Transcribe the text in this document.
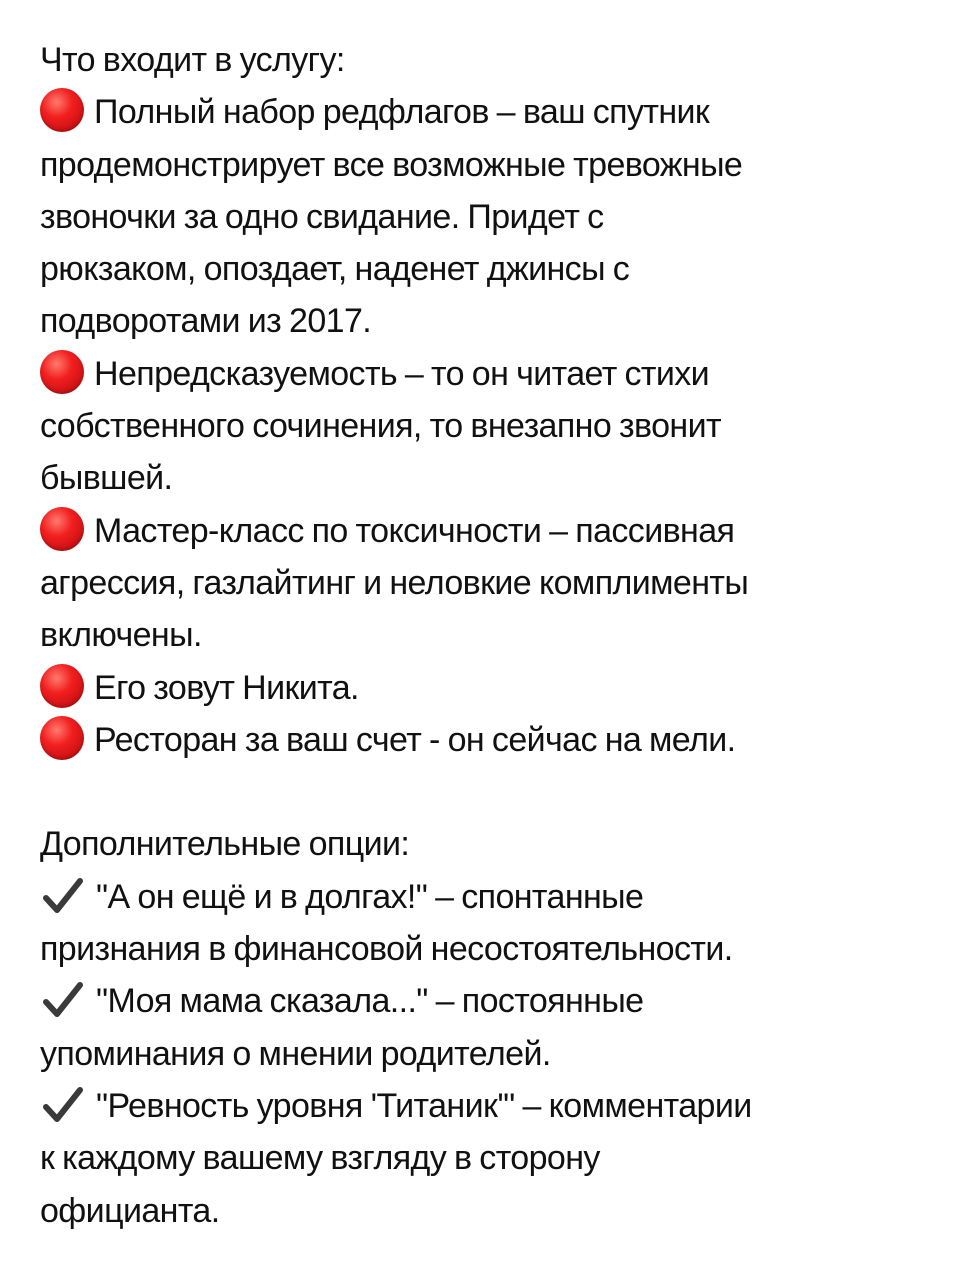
Что входит в услугу:
Полный набор редфлагов – ваш спутник
продемонстрирует все возможные тревожные
звоночки за одно свидание. Придет с
рюкзаком, опоздает, наденет джинсы с
подворотами из 2017.
Непредсказуемость – то он читает стихи
собственного сочинения, то внезапно звонит
бывшей.
Мастер-класс по токсичности – пассивная
агрессия, газлайтинг и неловкие комплименты
включены.
Его зовут Никита.
Ресторан за ваш счет - он сейчас на мели.
Дополнительные опции:
"А он ещё и в долгах!" – спонтанные
признания в финансовой несостоятельности.
"Моя мама сказала..." – постоянные
упоминания о мнении родителей.
"Ревность уровня 'Титаник'" – комментарии
к каждому вашему взгляду в сторону
официанта.
